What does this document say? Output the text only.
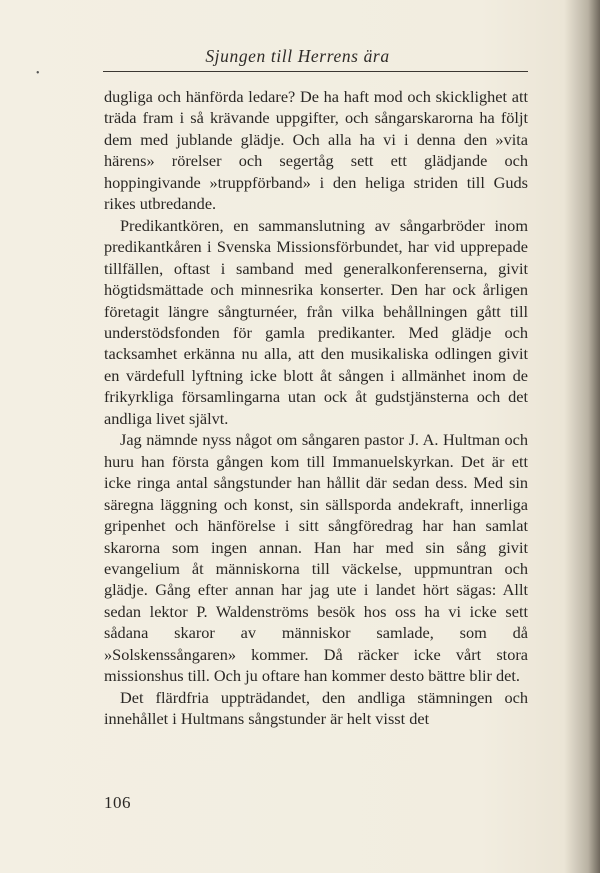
Sjungen till Herrens ära
•

dugliga och hänförda ledare? De ha haft mod och skicklighet att träda fram i så krävande uppgifter, och sångarskarorna ha följt dem med jublande glädje. Och alla ha vi i denna den »vita härens» rörelser och segertåg sett ett glädjande och hoppingivande »truppförband» i den heliga striden till Guds rikes utbredande.

Predikantkören, en sammanslutning av sångarbröder inom predikantkåren i Svenska Missionsförbundet, har vid upprepade tillfällen, oftast i samband med generalkonferenserna, givit högtidsmättade och minnesrika konserter. Den har ock årligen företagit längre sångturnéer, från vilka behållningen gått till understödsfonden för gamla predikanter. Med glädje och tacksamhet erkänna nu alla, att den musikaliska odlingen givit en värdefull lyftning icke blott åt sången i allmänhet inom de frikyrkliga församlingarna utan ock åt gudstjänsterna och det andliga livet självt.

Jag nämnde nyss något om sångaren pastor J. A. Hultman och huru han första gången kom till Immanuelskyrkan. Det är ett icke ringa antal sångstunder han hållit där sedan dess. Med sin säregna läggning och konst, sin sällsporda andekraft, innerliga gripenhet och hänförelse i sitt sångföredrag har han samlat skarorna som ingen annan. Han har med sin sång givit evangelium åt människorna till väckelse, uppmuntran och glädje. Gång efter annan har jag ute i landet hört sägas: Allt sedan lektor P. Waldenströms besök hos oss ha vi icke sett sådana skaror av människor samlade, som då »Solskenssångaren» kommer. Då räcker icke vårt stora missionshus till. Och ju oftare han kommer desto bättre blir det.

Det flärdfria uppträdandet, den andliga stämningen och innehållet i Hultmans sångstunder är helt visst det

106
